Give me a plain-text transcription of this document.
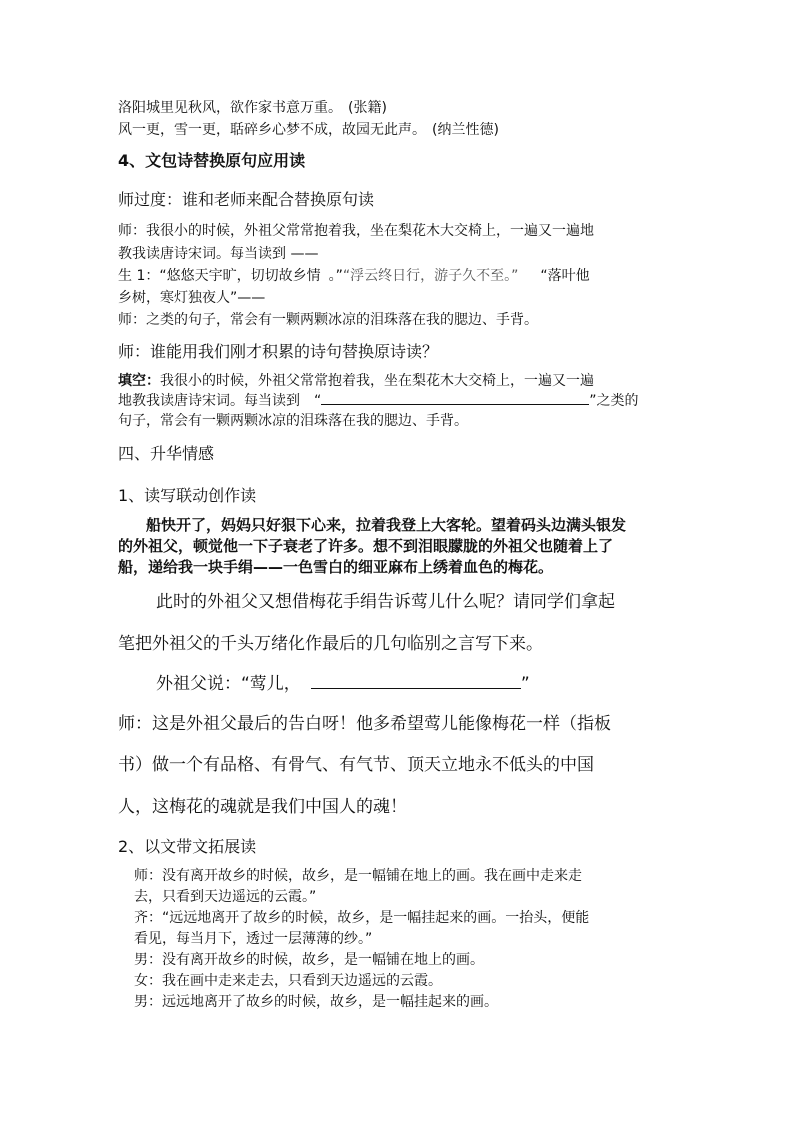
洛阳城里见秋风，欲作家书意万重。 (张籍)
风一更，雪一更，聒碎乡心梦不成，故园无此声。 (纳兰性德)
4、文包诗替换原句应用读
师过度：谁和老师来配合替换原句读
师：我很小的时候，外祖父常常抱着我，坐在梨花木大交椅上，一遍又一遍地
教我读唐诗宋词。每当读到 ——
生 1：“悠悠天宇旷，切切故乡情 。”“浮云终日行，游子久不至。” “落叶他
乡树，寒灯独夜人”——
师：之类的句子，常会有一颗两颗冰凉的泪珠落在我的腮边、手背。
师：谁能用我们刚才积累的诗句替换原诗读？
填空：我很小的时候，外祖父常常抱着我，坐在梨花木大交椅上，一遍又一遍
地教我读唐诗宋词。每当读到　“	”之类的
句子，常会有一颗两颗冰凉的泪珠落在我的腮边、手背。
四、升华情感
1、读写联动创作读
船快开了，妈妈只好狠下心来，拉着我登上大客轮。望着码头边满头银发
的外祖父，顿觉他一下子衰老了许多。想不到泪眼朦胧的外祖父也随着上了
船，递给我一块手绢——一色雪白的细亚麻布上绣着血色的梅花。
此时的外祖父又想借梅花手绢告诉莺儿什么呢？请同学们拿起
笔把外祖父的千头万绪化作最后的几句临别之言写下来。
外祖父说：“莺儿，	”
师：这是外祖父最后的告白呀！他多希望莺儿能像梅花一样（指板
书）做一个有品格、有骨气、有气节、顶天立地永不低头的中国
人，这梅花的魂就是我们中国人的魂！
2、以文带文拓展读
师：没有离开故乡的时候，故乡，是一幅铺在地上的画。我在画中走来走
去，只看到天边遥远的云霞。”
齐：“远远地离开了故乡的时候，故乡，是一幅挂起来的画。一抬头，便能
看见，每当月下，透过一层薄薄的纱。”
男：没有离开故乡的时候，故乡，是一幅铺在地上的画。
女：我在画中走来走去，只看到天边遥远的云霞。
男：远远地离开了故乡的时候，故乡，是一幅挂起来的画。
